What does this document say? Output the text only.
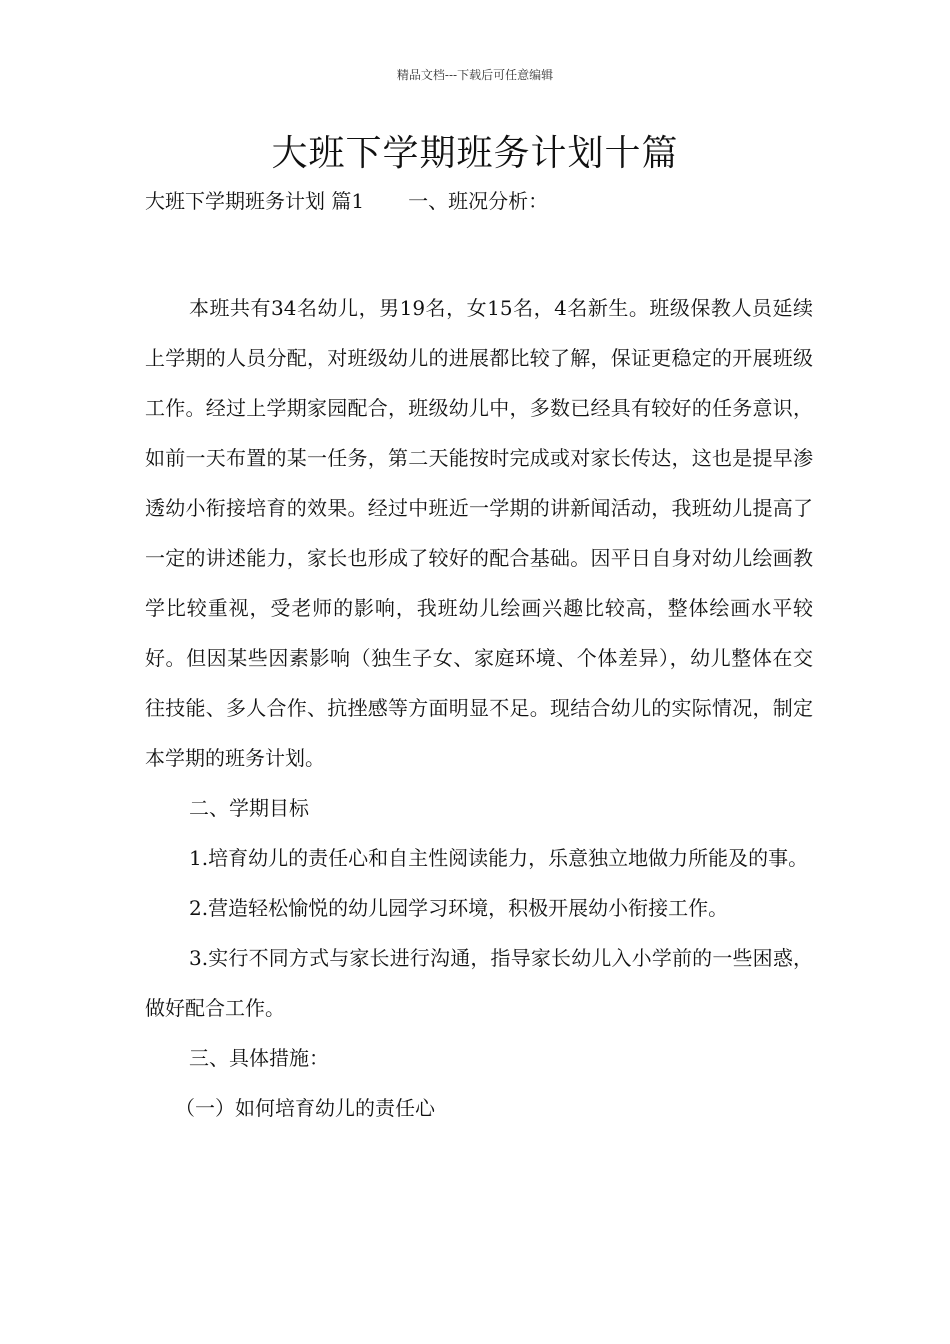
精品文档---下载后可任意编辑
大班下学期班务计划十篇
大班下学期班务计划 篇1 一、班况分析：

本班共有34名幼儿，男19名，女15名，4名新生。班级保教人员延续上学期的人员分配，对班级幼儿的进展都比较了解，保证更稳定的开展班级工作。经过上学期家园配合，班级幼儿中，多数已经具有较好的任务意识，如前一天布置的某一任务，第二天能按时完成或对家长传达，这也是提早渗透幼小衔接培育的效果。经过中班近一学期的讲新闻活动，我班幼儿提高了一定的讲述能力，家长也形成了较好的配合基础。因平日自身对幼儿绘画教学比较重视，受老师的影响，我班幼儿绘画兴趣比较高，整体绘画水平较好。但因某些因素影响（独生子女、家庭环境、个体差异），幼儿整体在交往技能、多人合作、抗挫感等方面明显不足。现结合幼儿的实际情况，制定本学期的班务计划。

二、学期目标

1.培育幼儿的责任心和自主性阅读能力，乐意独立地做力所能及的事。

2.营造轻松愉悦的幼儿园学习环境，积极开展幼小衔接工作。

3.实行不同方式与家长进行沟通，指导家长幼儿入小学前的一些困惑，做好配合工作。

三、具体措施：

（一）如何培育幼儿的责任心
